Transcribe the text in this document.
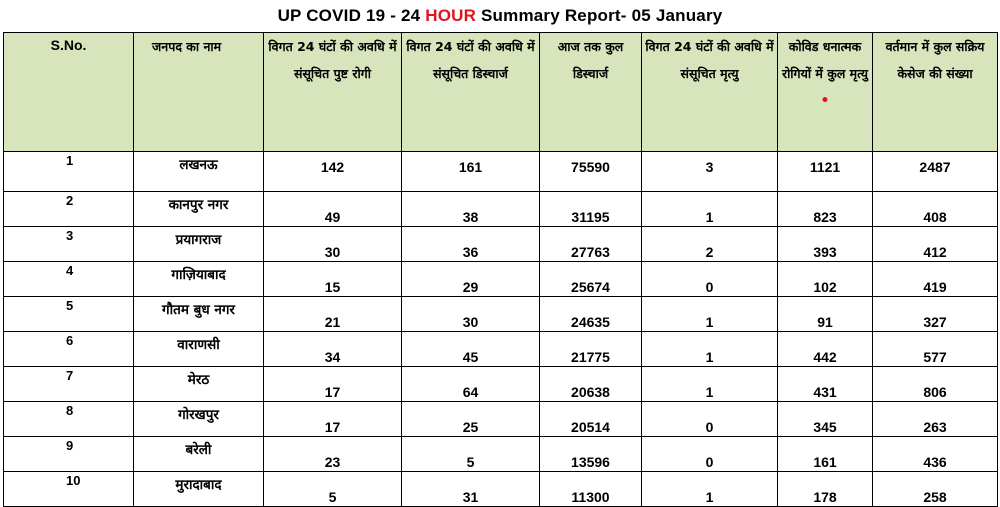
UP COVID 19 - 24 HOUR Summary Report- 05 January
S.No.	जनपद का नाम	विगत 24 घंटों की अवधि में संसूचित पुष्ट रोगी	विगत 24 घंटों की अवधि में संसूचित डिस्चार्ज	आज तक कुल डिस्चार्ज	विगत 24 घंटों की अवधि में संसूचित मृत्यु	कोविड धनात्मक रोगियों में कुल मृत्यु •	वर्तमान में कुल सक्रिय केसेज की संख्या
1	लखनऊ	142	161	75590	3	1121	2487
2	कानपुर नगर	49	38	31195	1	823	408
3	प्रयागराज	30	36	27763	2	393	412
4	गाज़ियाबाद	15	29	25674	0	102	419
5	गौतम बुध नगर	21	30	24635	1	91	327
6	वाराणसी	34	45	21775	1	442	577
7	मेरठ	17	64	20638	1	431	806
8	गोरखपुर	17	25	20514	0	345	263
9	बरेली	23	5	13596	0	161	436
10	मुरादाबाद	5	31	11300	1	178	258
